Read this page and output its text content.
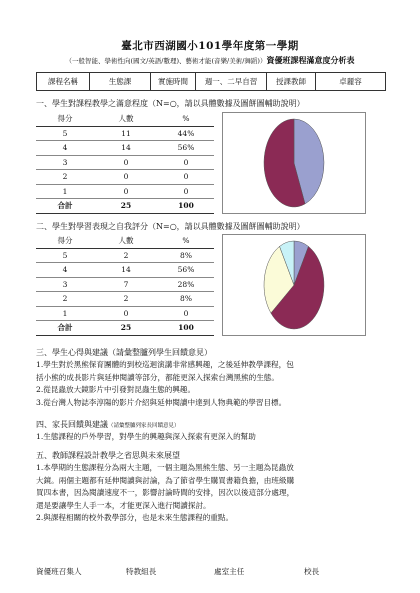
臺北市西湖國小101學年度第一學期
（一般智能、學術性向(國文/英語/數理)、藝術才能(音樂/美術/舞蹈)）資優班課程滿意度分析表
課程名稱	生態課	實施時間	週一、二早自習	授課教師	卓麗容
一、學生對課程教學之滿意程度（N=○，請以具體數據及圖餅圖輔助說明）
得分	人數	%
5	11	44%
4	14	56%
3	0	0
2	0	0
1	0	0
合計	25	100
二、學生對學習表現之自我評分（N=○，請以具體數據及圖餅圖輔助說明）
得分	人數	%
5	2	8%
4	14	56%
3	7	28%
2	2	8%
1	0	0
合計	25	100
三、學生心得與建議（請彙整臚列學生回饋意見）
1.學生對於黑熊保育團體的到校巡迴演講非常感興趣，之後延伸教學課程，包
括小熊的成長影片與延伸閱讀等部分，都能更深入探索台灣黑熊的生態。
2.從昆蟲放大鏡影片中引發對昆蟲生態的興趣。
3.從台灣人物誌李淳陽的影片介紹與延伸閱讀中達到人物典範的學習目標。
四、家長回饋與建議（請彙整臚列家長回饋意見）
1.生態課程的戶外學習，對學生的興趣與深入探索有更深入的幫助
五、教師課程設計教學之省思與未來展望
1.本學期的生態課程分為兩大主題，一個主題為黑熊生態、另一主題為昆蟲放
大鏡。兩個主題都有延伸閱讀與討論，為了節省學生購買書籍負擔，由班級購
買四本書，因為閱讀速度不一，影響討論時間的安排，因次以後這部分處理，
還是要讓學生人手一本，才能更深入進行閱讀探討。
2.與課程相關的校外教學部分，也是未來生態課程的重點。
資優班召集人	特教組長	處室主任	校長
